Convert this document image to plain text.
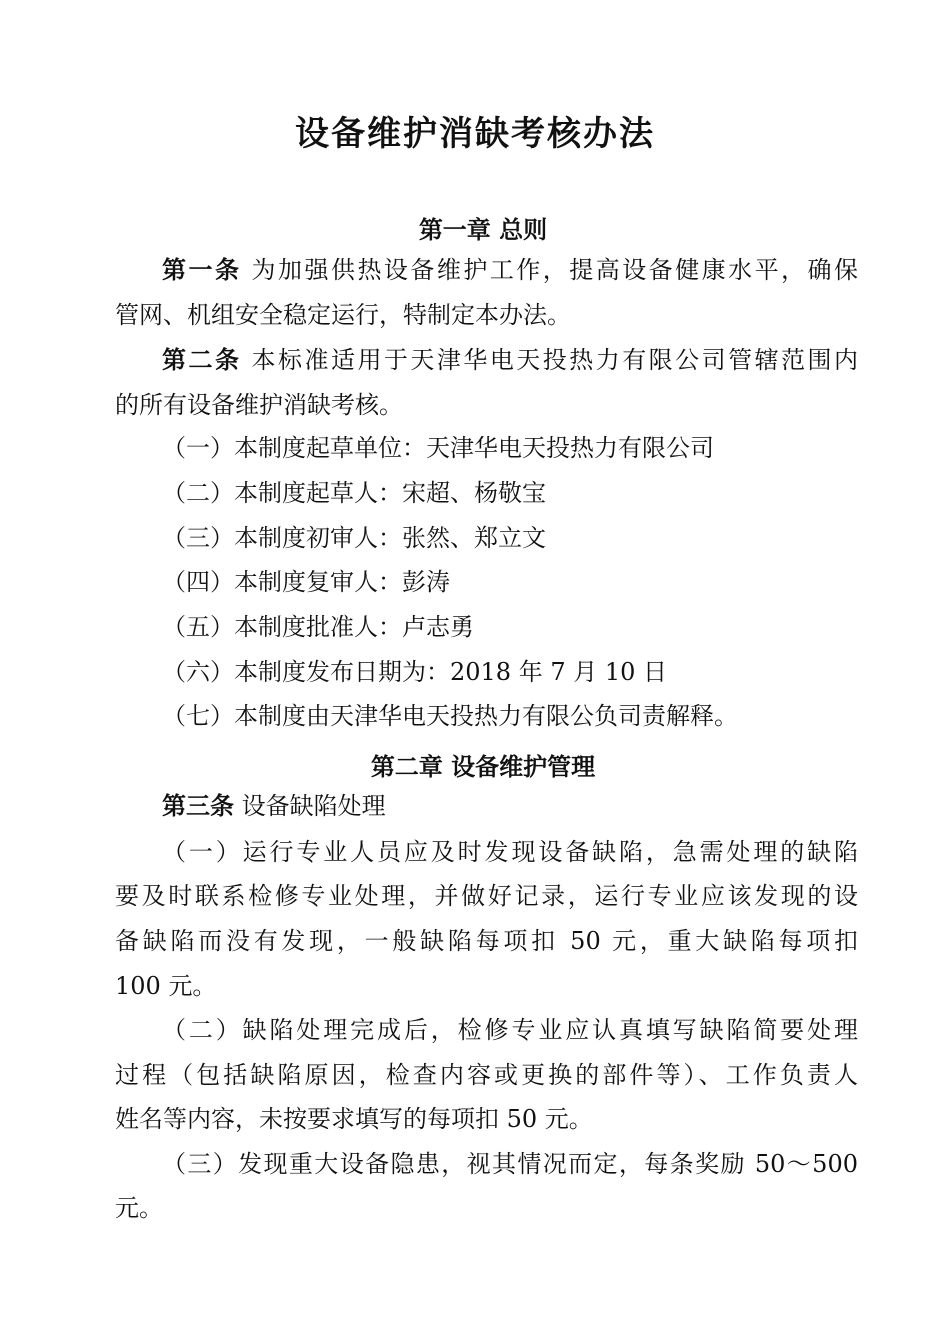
设备维护消缺考核办法
第一章 总则
第一条 为加强供热设备维护工作，提高设备健康水平，确保
管网、机组安全稳定运行，特制定本办法。
第二条 本标准适用于天津华电天投热力有限公司管辖范围内
的所有设备维护消缺考核。
（一）本制度起草单位：天津华电天投热力有限公司
（二）本制度起草人：宋超、杨敬宝
（三）本制度初审人：张然、郑立文
（四）本制度复审人：彭涛
（五）本制度批准人：卢志勇
（六）本制度发布日期为：2018 年 7 月 10 日
（七）本制度由天津华电天投热力有限公负司责解释。
第二章 设备维护管理
第三条 设备缺陷处理
（一）运行专业人员应及时发现设备缺陷，急需处理的缺陷
要及时联系检修专业处理，并做好记录，运行专业应该发现的设
备缺陷而没有发现，一般缺陷每项扣 50 元，重大缺陷每项扣
100 元。
（二）缺陷处理完成后，检修专业应认真填写缺陷简要处理
过程（包括缺陷原因，检查内容或更换的部件等）、工作负责人
姓名等内容，未按要求填写的每项扣 50 元。
（三）发现重大设备隐患，视其情况而定，每条奖励 50～500
元。
